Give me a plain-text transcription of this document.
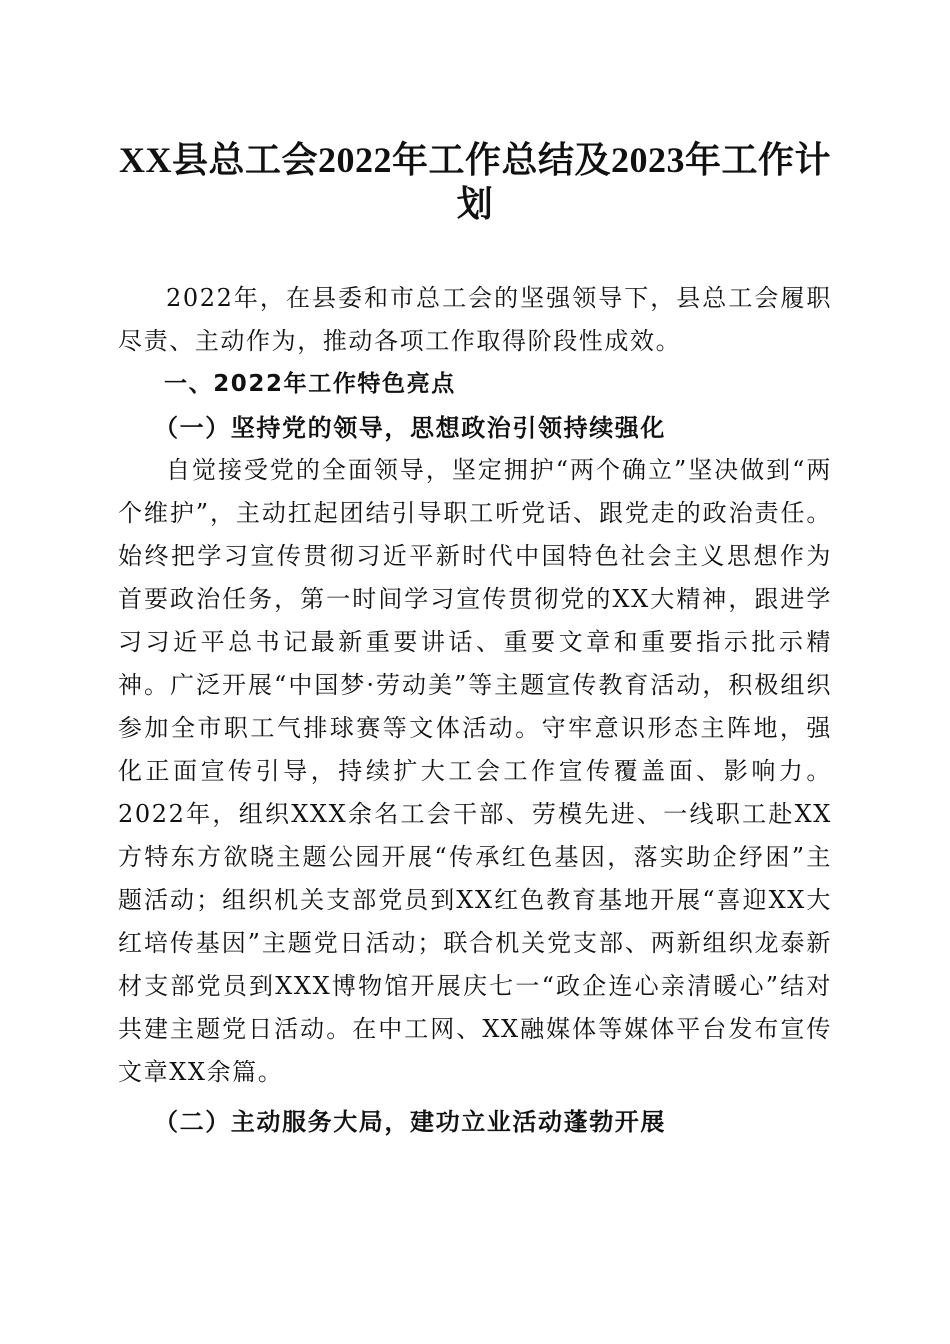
XX县总工会2022年工作总结及2023年工作计划

2022年，在县委和市总工会的坚强领导下，县总工会履职尽责、主动作为，推动各项工作取得阶段性成效。

一、2022年工作特色亮点

（一）坚持党的领导，思想政治引领持续强化

自觉接受党的全面领导，坚定拥护“两个确立”坚决做到“两个维护”，主动扛起团结引导职工听党话、跟党走的政治责任。始终把学习宣传贯彻习近平新时代中国特色社会主义思想作为首要政治任务，第一时间学习宣传贯彻党的XX大精神，跟进学习习近平总书记最新重要讲话、重要文章和重要指示批示精神。广泛开展“中国梦·劳动美”等主题宣传教育活动，积极组织参加全市职工气排球赛等文体活动。守牢意识形态主阵地，强化正面宣传引导，持续扩大工会工作宣传覆盖面、影响力。2022年，组织XXX余名工会干部、劳模先进、一线职工赴XX方特东方欲晓主题公园开展“传承红色基因，落实助企纾困”主题活动；组织机关支部党员到XX红色教育基地开展“喜迎XX大红培传基因”主题党日活动；联合机关党支部、两新组织龙泰新材支部党员到XXX博物馆开展庆七一“政企连心亲清暖心”结对共建主题党日活动。在中工网、XX融媒体等媒体平台发布宣传文章XX余篇。

（二）主动服务大局，建功立业活动蓬勃开展
